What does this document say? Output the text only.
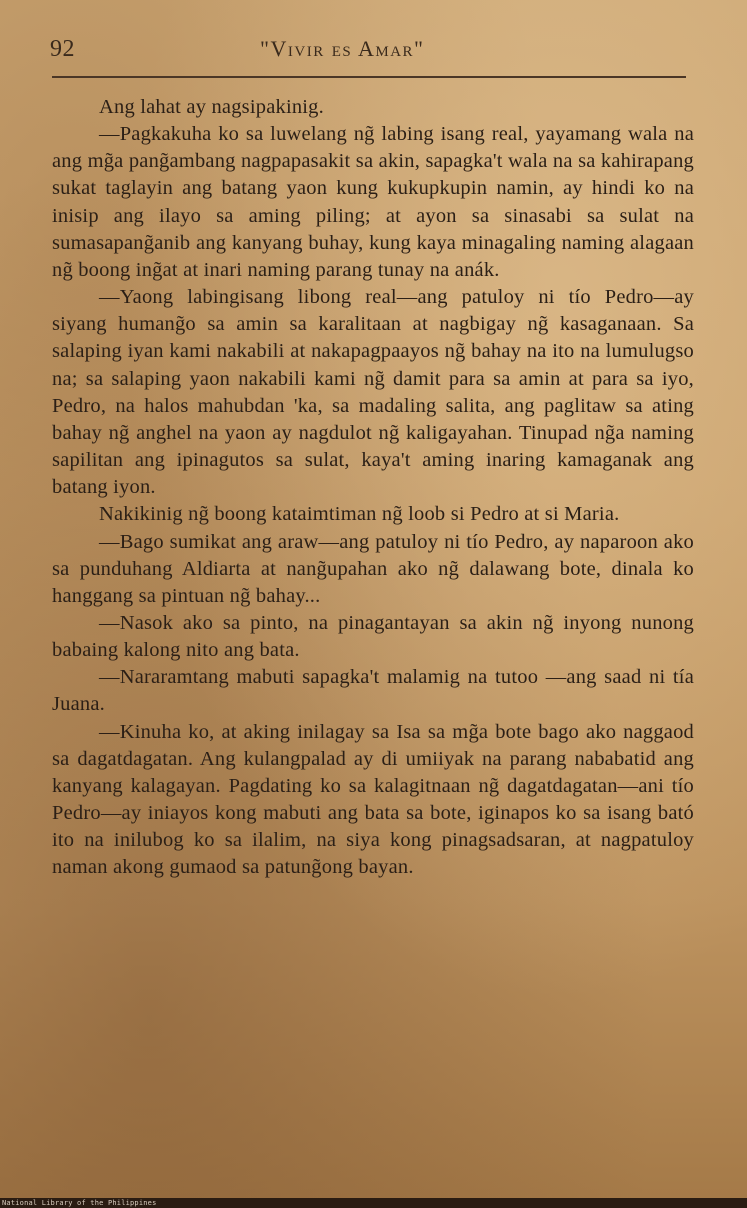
92	"Vivir es Amar"

Ang lahat ay nagsipakinig.

—Pagkakuha ko sa luwelang ng̃ labing isang real, yayamang wala na ang mg̃a pang̃ambang nagpapasakit sa akin, sapagka't wala na sa kahirapang sukat taglayin ang batang yaon kung kukupkupin namin, ay hindi ko na inisip ang ilayo sa aming piling; at ayon sa sinasabi sa sulat na sumasapang̃anib ang kanyang buhay, kung kaya minagaling naming alagaan ng̃ boong ing̃at at inari naming parang tunay na anák.

—Yaong labingisang libong real—ang patuloy ni tío Pedro—ay siyang humang̃o sa amin sa karalitaan at nagbigay ng̃ kasaganaan. Sa salaping iyan kami nakabili at nakapagpaayos ng̃ bahay na ito na lumulugso na; sa salaping yaon nakabili kami ng̃ damit para sa amin at para sa iyo, Pedro, na halos mahubdan 'ka, sa madaling salita, ang paglitaw sa ating bahay ng̃ anghel na yaon ay nagdulot ng̃ kaligayahan. Tinupad ng̃a naming sapilitan ang ipinagutos sa sulat, kaya't aming inaring kamaganak ang batang iyon.

Nakikinig ng̃ boong kataimtiman ng̃ loob si Pedro at si Maria.

—Bago sumikat ang araw—ang patuloy ni tío Pedro, ay naparoon ako sa punduhang Aldiarta at nang̃upahan ako ng̃ dalawang bote, dinala ko hanggang sa pintuan ng̃ bahay...

—Nasok ako sa pinto, na pinagantayan sa akin ng̃ inyong nunong babaing kalong nito ang bata.

—Nararamtang mabuti sapagka't malamig na tutoo —ang saad ni tía Juana.

—Kinuha ko, at aking inilagay sa Isa sa mg̃a bote bago ako naggaod sa dagatdagatan. Ang kulangpalad ay di umiiyak na parang nababatid ang kanyang kalagayan. Pagdating ko sa kalagitnaan ng̃ dagatdagatan—ani tío Pedro—ay iniayos kong mabuti ang bata sa bote, iginapos ko sa isang bató ito na inilubog ko sa ilalim, na siya kong pinagsadsaran, at nagpatuloy naman akong gumaod sa patung̃ong bayan.

National Library of the Philippines
